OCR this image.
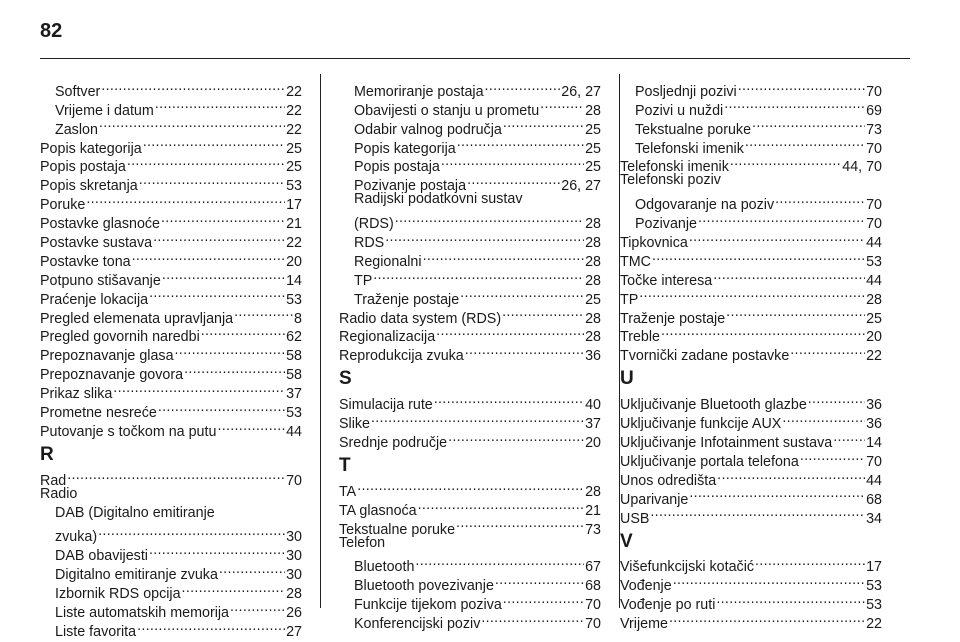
82
Softver .....	22
Vrijeme i datum .....	22
Zaslon .....	22
Popis kategorija .....	25
Popis postaja .....	25
Popis skretanja .....	53
Poruke .....	17
Postavke glasnoće .....	21
Postavke sustava .....	22
Postavke tona .....	20
Potpuno stišavanje .....	14
Praćenje lokacija .....	53
Pregled elemenata upravljanja .....	8
Pregled govornih naredbi .....	62
Prepoznavanje glasa .....	58
Prepoznavanje govora .....	58
Prikaz slika .....	37
Prometne nesreće .....	53
Putovanje s točkom na putu .....	44
R
Rad .....	70
Radio
DAB (Digitalno emitiranje
zvuka) .....	30
DAB obavijesti .....	30
Digitalno emitiranje zvuka .....	30
Izbornik RDS opcija .....	28
Liste automatskih memorija .....	26
Liste favorita .....	27
Memoriranje postaja .....	26, 27
Obavijesti o stanju u prometu .....	28
Odabir valnog područja .....	25
Popis kategorija .....	25
Popis postaja .....	25
Pozivanje postaja .....	26, 27
Radijski podatkovni sustav
(RDS) .....	28
RDS .....	28
Regionalni .....	28
TP .....	28
Traženje postaje .....	25
Radio data system (RDS) .....	28
Regionalizacija .....	28
Reprodukcija zvuka .....	36
S
Simulacija rute .....	40
Slike .....	37
Srednje područje .....	20
T
TA .....	28
TA glasnoća .....	21
Tekstualne poruke .....	73
Telefon
Bluetooth .....	67
Bluetooth povezivanje .....	68
Funkcije tijekom poziva .....	70
Konferencijski poziv .....	70
Posljednji pozivi .....	70
Pozivi u nuždi .....	69
Tekstualne poruke .....	73
Telefonski imenik .....	70
Telefonski imenik .....	44, 70
Telefonski poziv
Odgovaranje na poziv .....	70
Pozivanje .....	70
Tipkovnica .....	44
TMC .....	53
Točke interesa .....	44
TP .....	28
Traženje postaje .....	25
Treble .....	20
Tvornički zadane postavke .....	22
U
Uključivanje Bluetooth glazbe .....	36
Uključivanje funkcije AUX .....	36
Uključivanje Infotainment sustava ..... 14
Uključivanje portala telefona .....	70
Unos odredišta .....	44
Uparivanje .....	68
USB .....	34
V
Višefunkcijski kotačić .....	17
Vođenje .....	53
Vođenje po ruti .....	53
Vrijeme .....	22
